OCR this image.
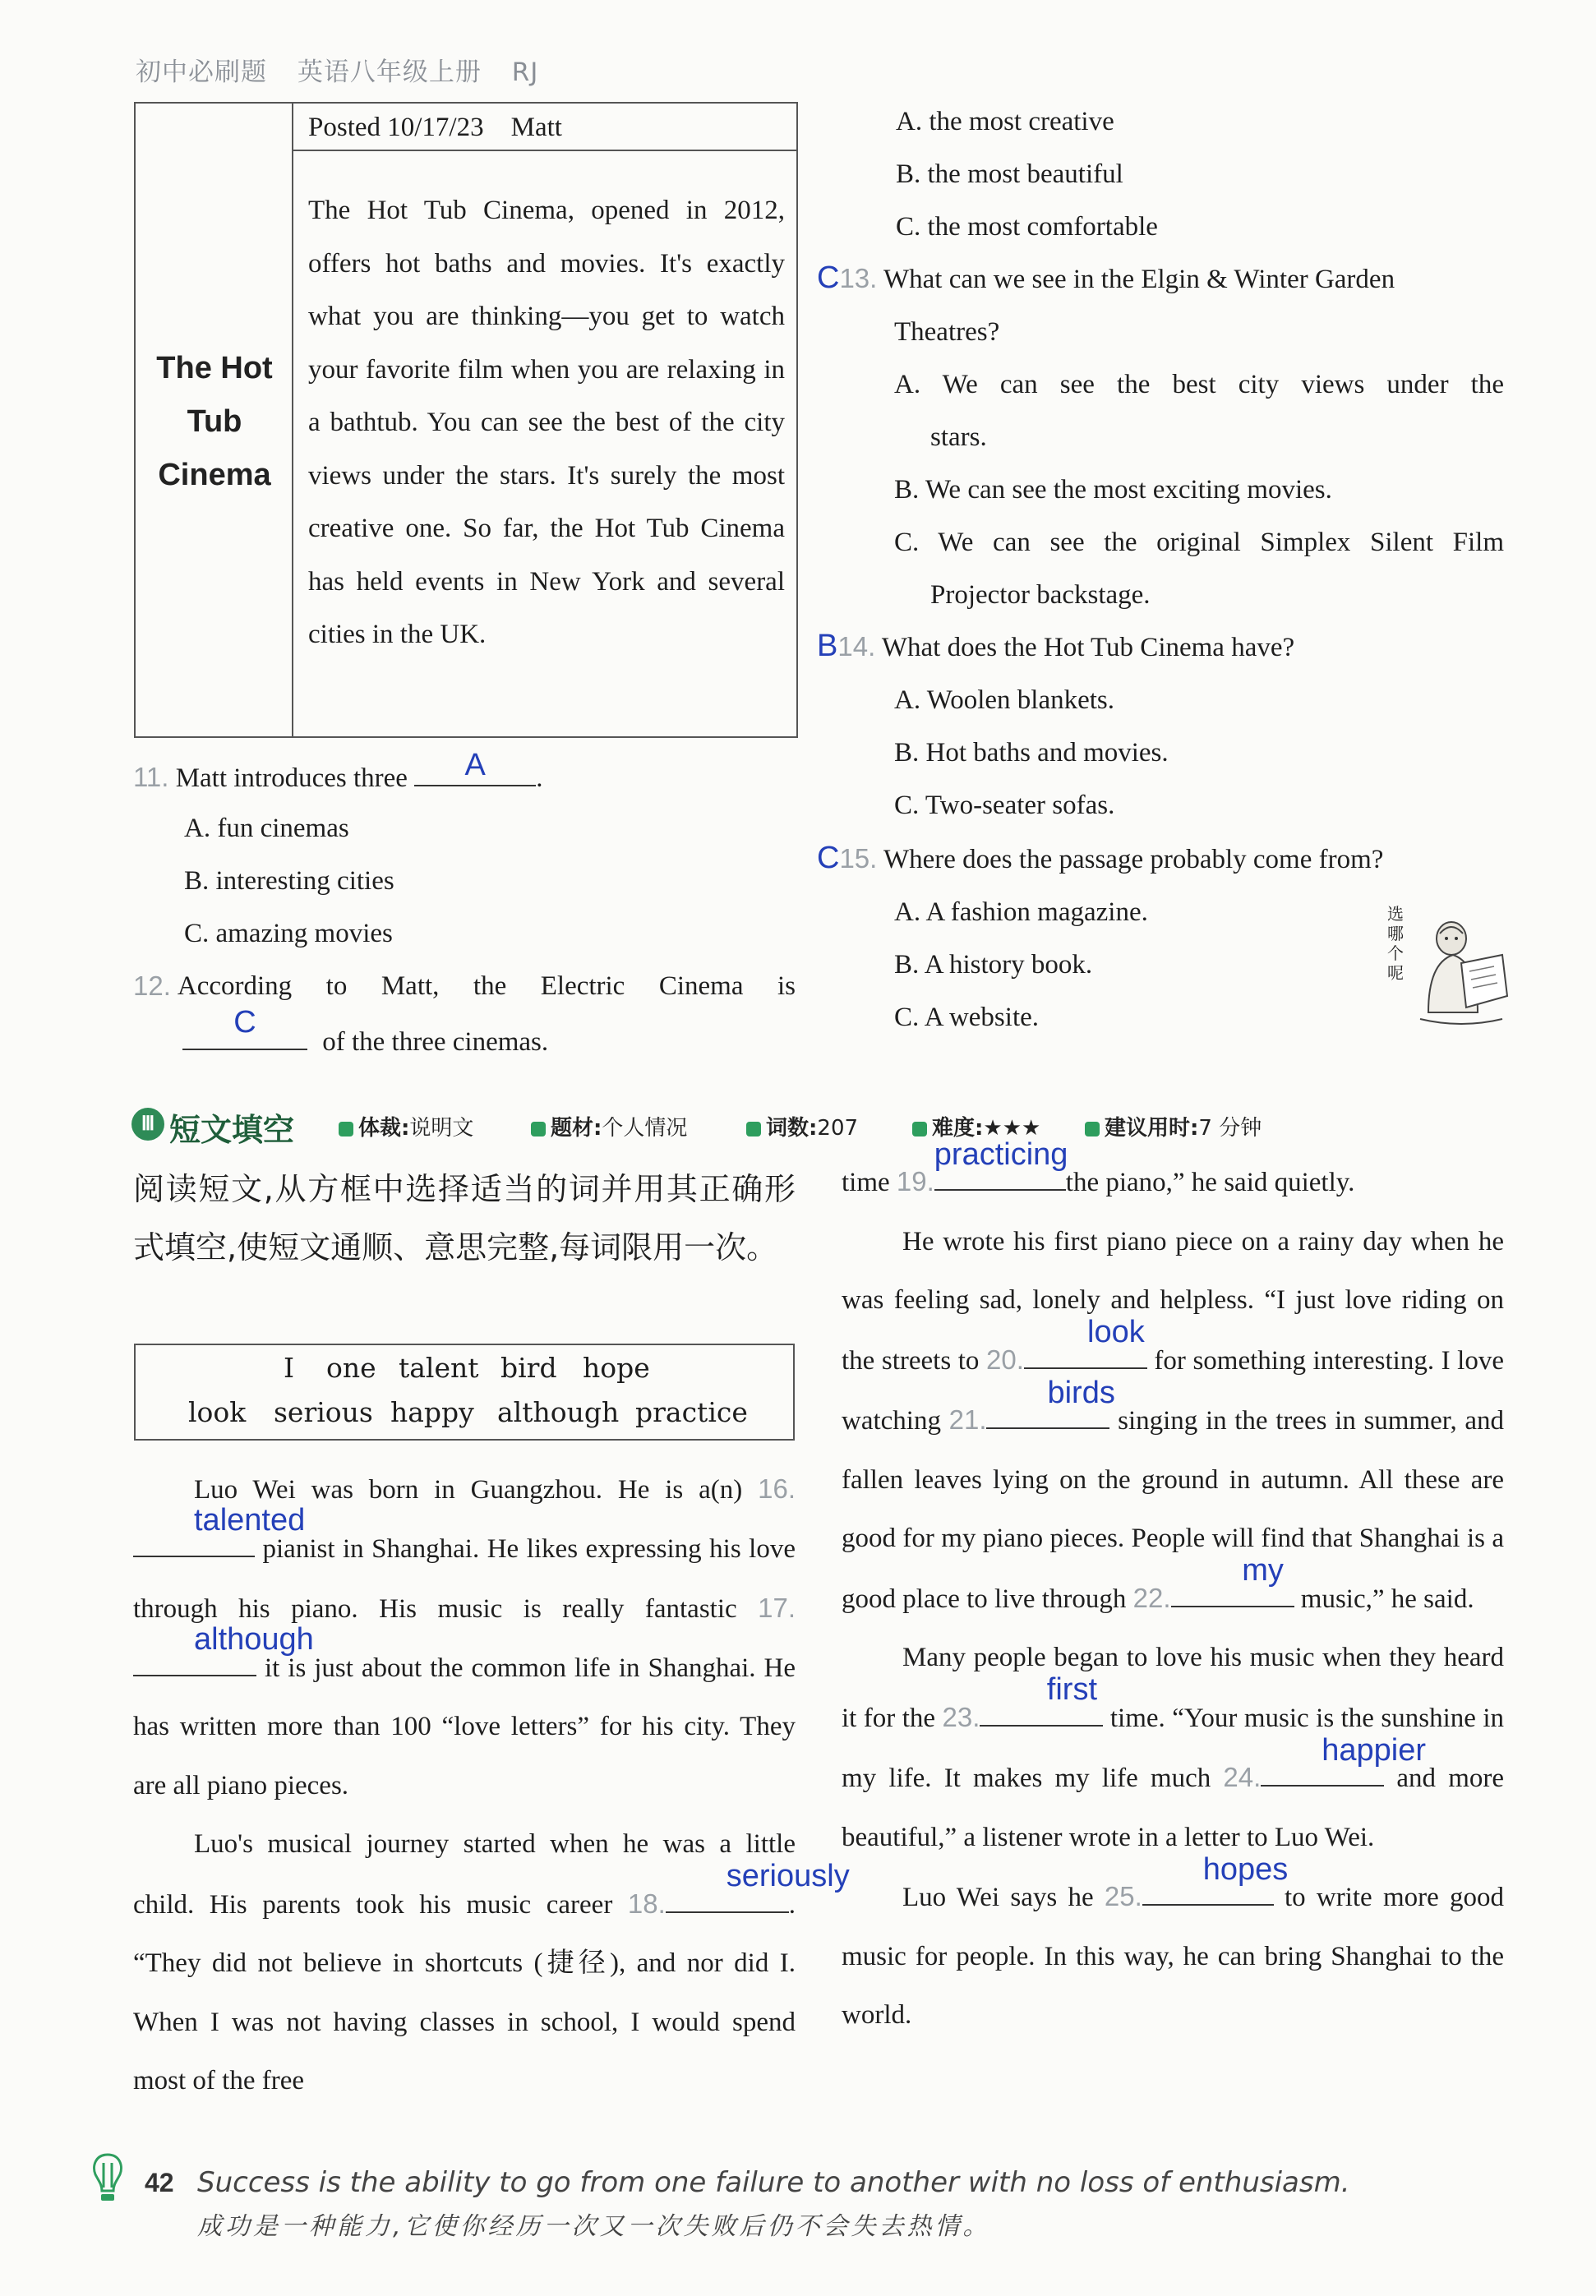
初中必刷题 英语八年级上册 RJ
The Hot
Tub
Cinema
Posted 10/17/23    Matt

The Hot Tub Cinema, opened in 2012, offers hot baths and movies. It's exactly what you are thinking—you get to watch your favorite film when you are relaxing in a bathtub. You can see the best of the city views under the stars. It's surely the most creative one. So far, the Hot Tub Cinema has held events in New York and several cities in the UK.

11. Matt introduces three	A	.
A. fun cinemas
B. interesting cities
C. amazing movies
12. According to Matt, the Electric Cinema is
C
of the three cinemas.
A. the most creative
B. the most beautiful
C. the most comfortable
C13. What can we see in the Elgin & Winter Garden
Theatres?
A. We can see the best city views under the
stars.
B. We can see the most exciting movies.
C. We can see the original Simplex Silent Film
Projector backstage.
B14. What does the Hot Tub Cinema have?
A. Woolen blankets.
B. Hot baths and movies.
C. Two-seater sofas.
C15. Where does the passage probably come from?
A. A fashion magazine.
B. A history book.
C. A website.
选哪个呢
Ⅲ 短文填空	体裁:说明文	题材:个人情况	词数:207	难度:★★★	建议用时:7 分钟
阅读短文,从方框中选择适当的词并用其正确形式填空,使短文通顺、意思完整,每词限用一次。
I one talent bird hope
look serious happy although practice

Luo Wei was born in Guangzhou. He is a(n) 16.
talented
pianist in Shanghai. He likes expressing his love through his piano. His music is really fantastic 17.
although
it is just about the common life in Shanghai. He has written more than 100 “love letters” for his city. They are all piano pieces.

Luo's musical journey started when he was a little child. His parents took his music career 18.
seriously
. “They did not believe in shortcuts (捷径), and nor did I. When I was not having classes in school, I would spend most of the free

time 19.
practicing
the piano,” he said quietly.

He wrote his first piano piece on a rainy day when he was feeling sad, lonely and helpless. “I just love riding on the streets to 20.
look
for something interesting. I love watching 21.
birds
singing in the trees in summer, and fallen leaves lying on the ground in autumn. All these are good for my piano pieces. People will find that Shanghai is a good place to live through 22.
my
music,” he said.

Many people began to love his music when they heard it for the 23.
first
time. “Your music is the sunshine in my life. It makes my life much 24.
happier
and more beautiful,” a listener wrote in a letter to Luo Wei.

Luo Wei says he 25.
hopes
to write more good music for people. In this way, he can bring Shanghai to the world.

42 Success is the ability to go from one failure to another with no loss of enthusiasm.
成功是一种能力,它使你经历一次又一次失败后仍不会失去热情。
